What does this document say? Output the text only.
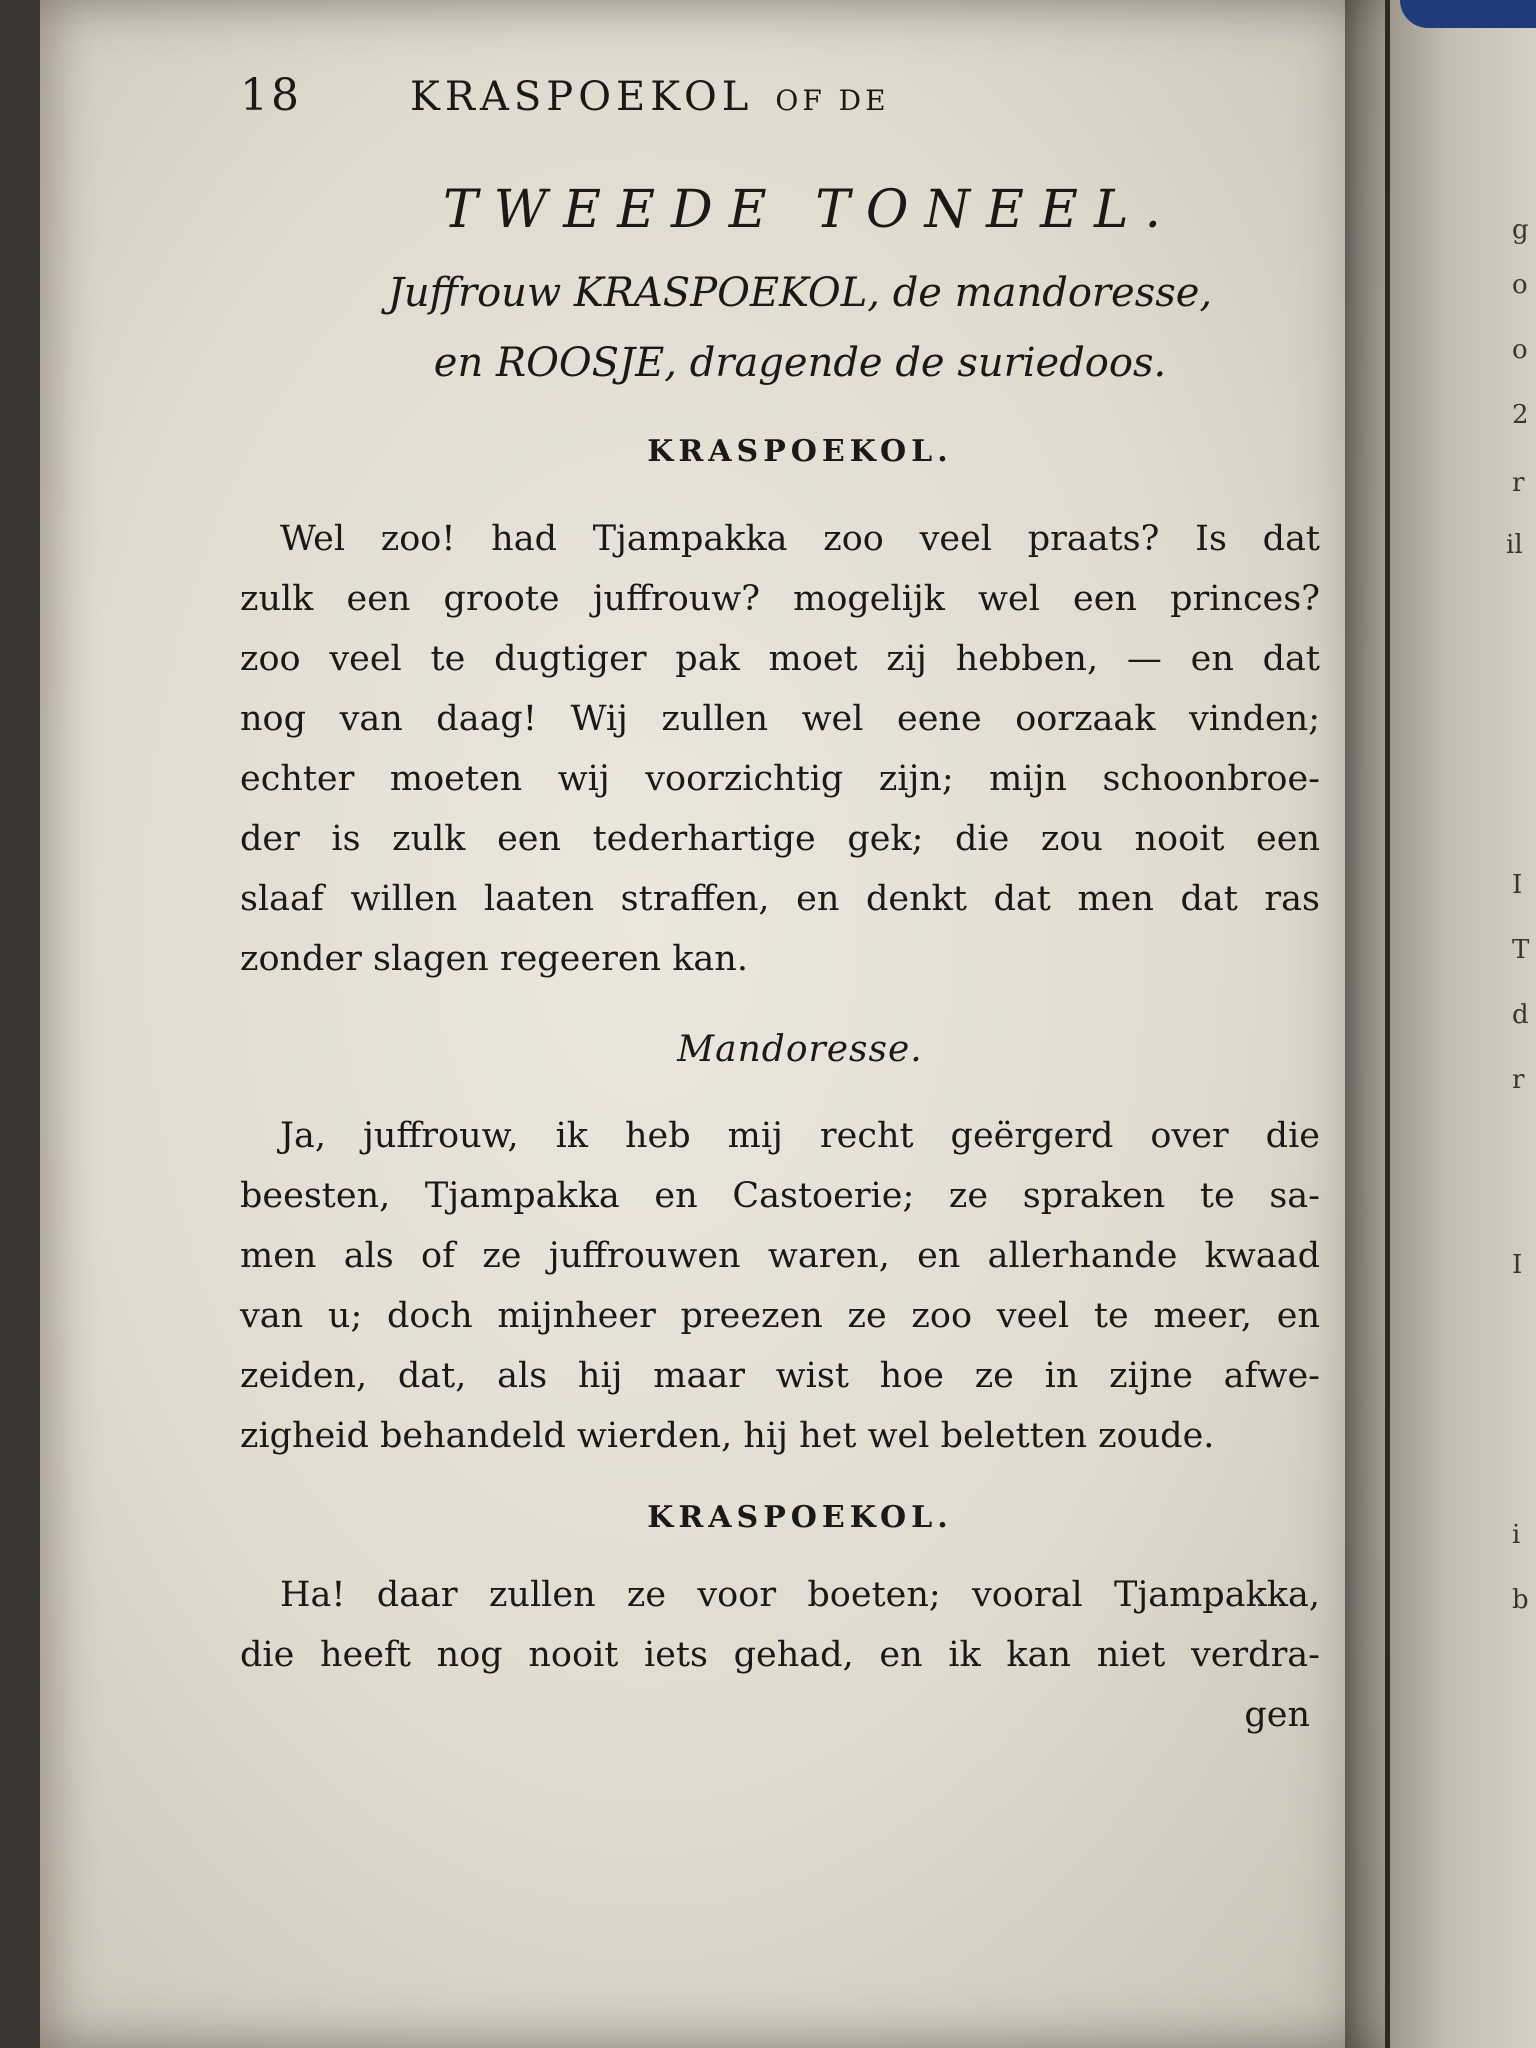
18	KRASPOEKOL OF DE
TWEEDE TONEEL.
Juffrouw KRASPOEKOL, de mandoresse,
en ROOSJE, dragende de suriedoos.
KRASPOEKOL.
Wel zoo! had Tjampakka zoo veel praats? Is dat
zulk een groote juffrouw? mogelijk wel een princes?
zoo veel te dugtiger pak moet zij hebben, — en dat
nog van daag! Wij zullen wel eene oorzaak vinden;
echter moeten wij voorzichtig zijn; mijn schoonbroe-
der is zulk een tederhartige gek; die zou nooit een
slaaf willen laaten straffen, en denkt dat men dat ras
zonder slagen regeeren kan.
Mandoresse.
Ja, juffrouw, ik heb mij recht geërgerd over die
beesten, Tjampakka en Castoerie; ze spraken te sa-
men als of ze juffrouwen waren, en allerhande kwaad
van u; doch mijnheer preezen ze zoo veel te meer, en
zeiden, dat, als hij maar wist hoe ze in zijne afwe-
zigheid behandeld wierden, hij het wel beletten zoude.
KRASPOEKOL.
Ha! daar zullen ze voor boeten; vooral Tjampakka,
die heeft nog nooit iets gehad, en ik kan niet verdra-
gen
g
o
o
2
r
il
I
T
d
r
I
i
b
